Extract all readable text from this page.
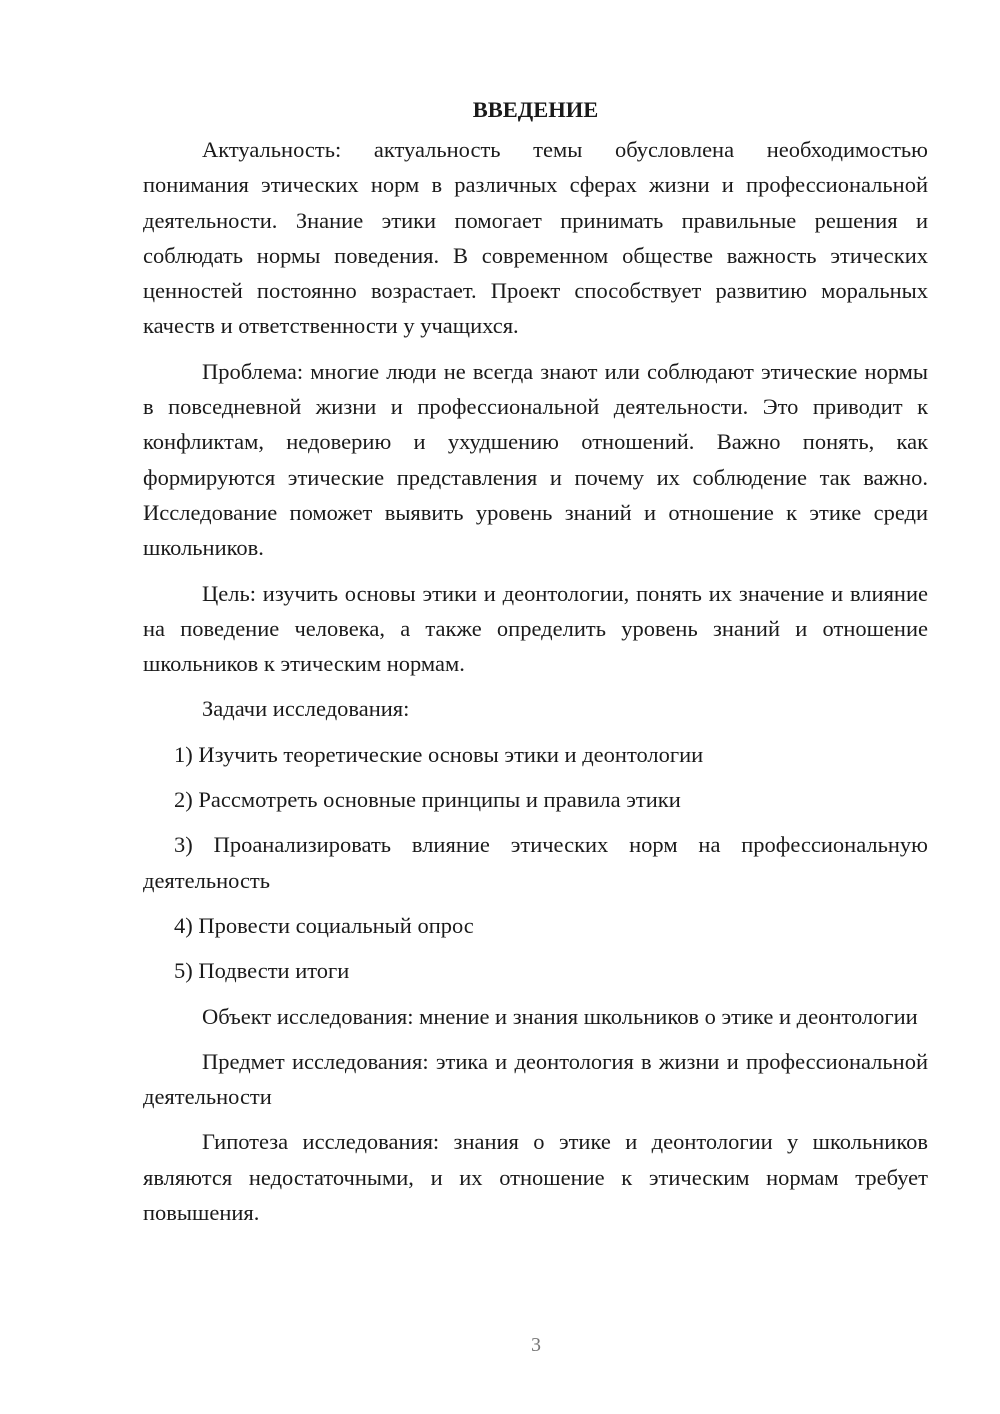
ВВЕДЕНИЕ

Актуальность: актуальность темы обусловлена необходимостью понимания этических норм в различных сферах жизни и профессиональной деятельности. Знание этики помогает принимать правильные решения и соблюдать нормы поведения. В современном обществе важность этических ценностей постоянно возрастает. Проект способствует развитию моральных качеств и ответственности у учащихся.

Проблема: многие люди не всегда знают или соблюдают этические нормы в повседневной жизни и профессиональной деятельности. Это приводит к конфликтам, недоверию и ухудшению отношений. Важно понять, как формируются этические представления и почему их соблюдение так важно. Исследование поможет выявить уровень знаний и отношение к этике среди школьников.

Цель: изучить основы этики и деонтологии, понять их значение и влияние на поведение человека, а также определить уровень знаний и отношение школьников к этическим нормам.

Задачи исследования:

1) Изучить теоретические основы этики и деонтологии

2) Рассмотреть основные принципы и правила этики

3) Проанализировать влияние этических норм на профессиональную деятельность

4) Провести социальный опрос

5) Подвести итоги

Объект исследования: мнение и знания школьников о этике и деонтологии

Предмет исследования: этика и деонтология в жизни и профессиональной деятельности

Гипотеза исследования: знания о этике и деонтологии у школьников являются недостаточными, и их отношение к этическим нормам требует повышения.

3
